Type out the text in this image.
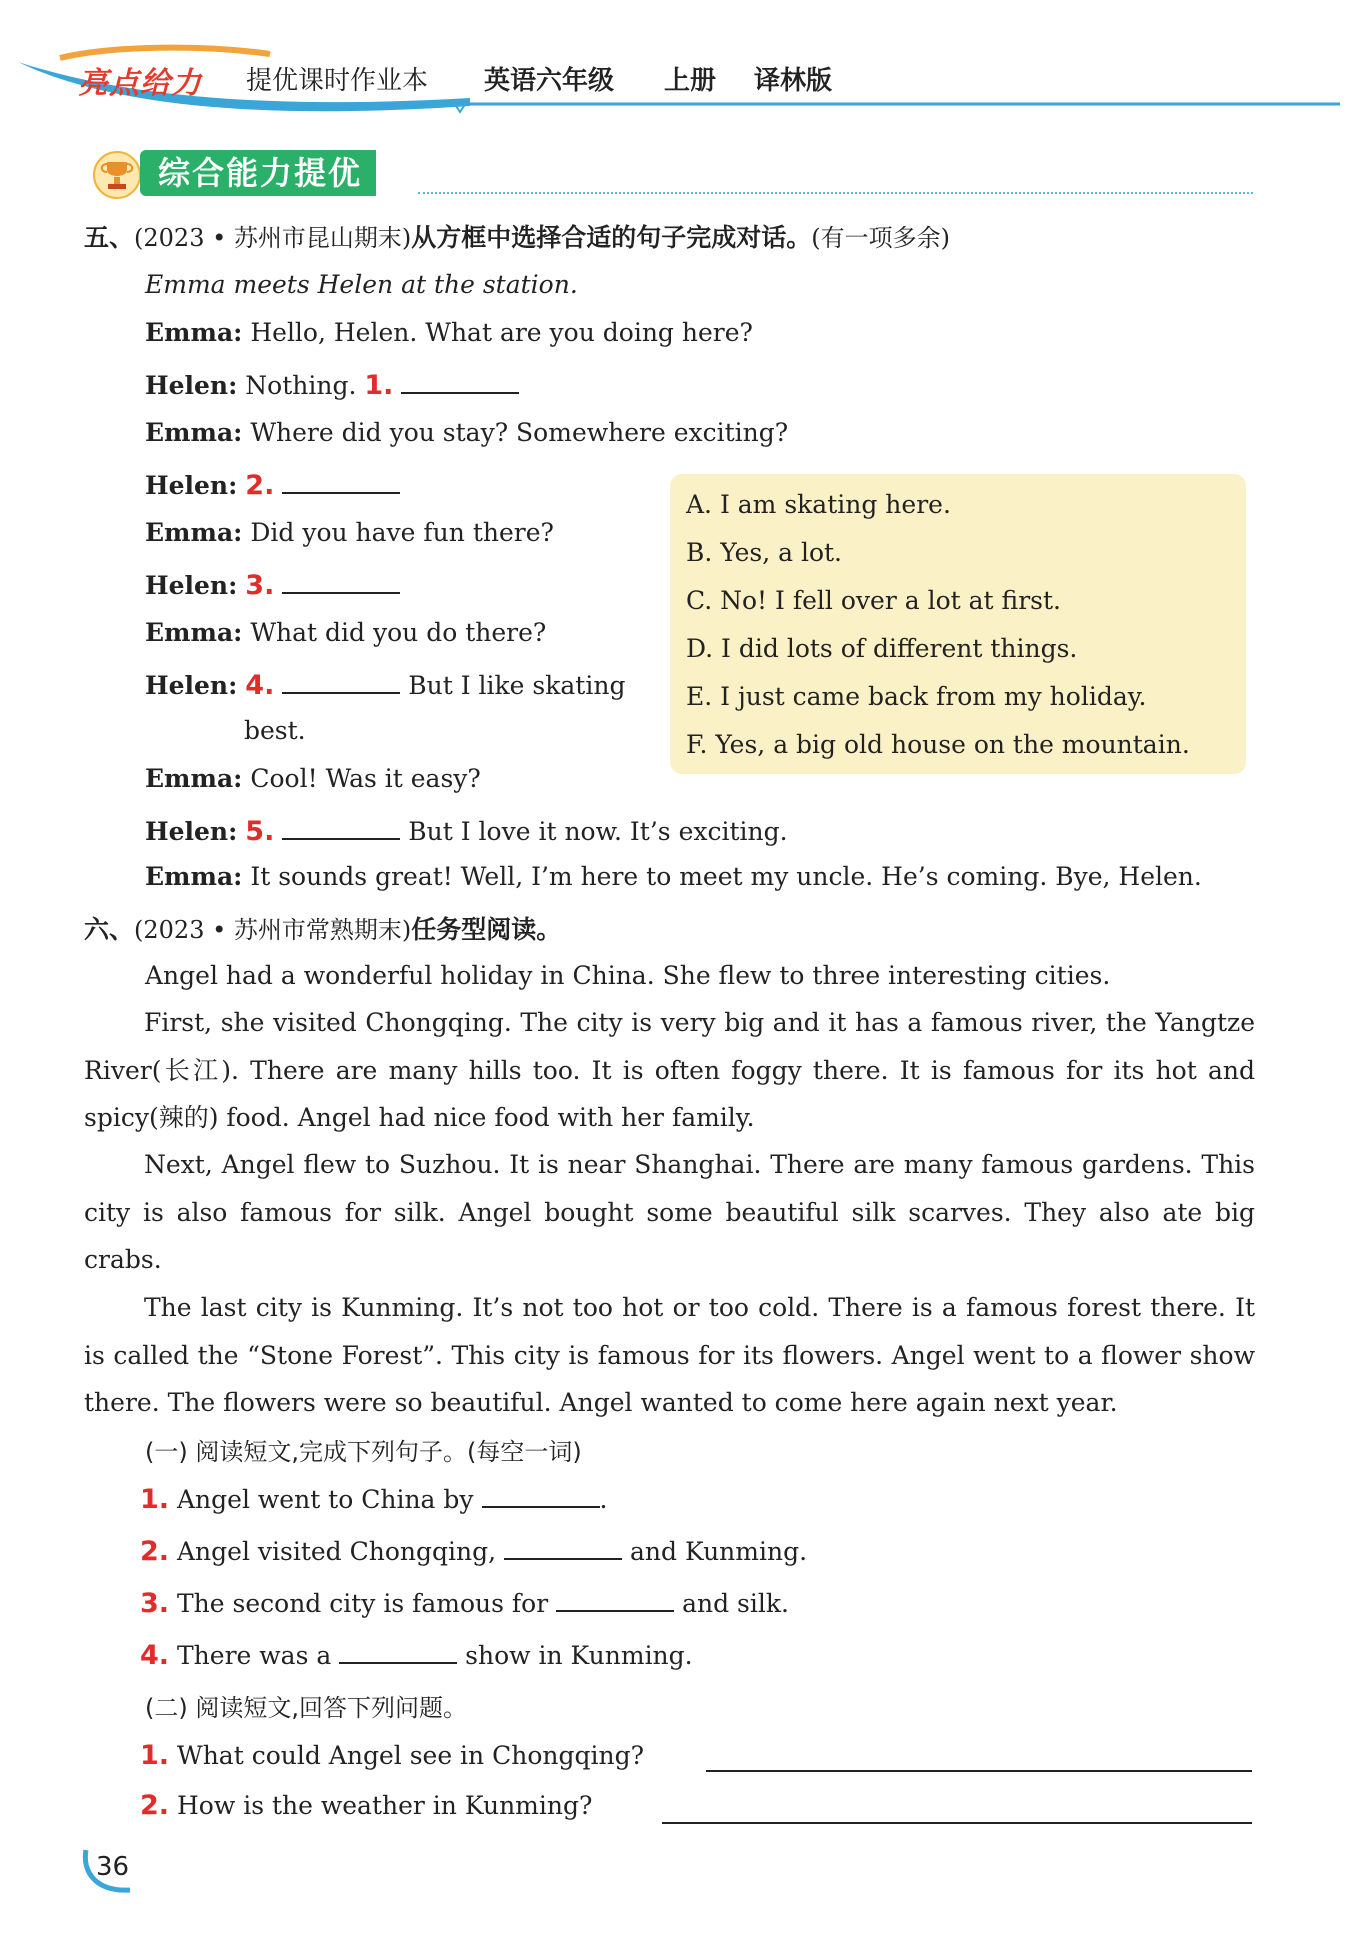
亮点给力 提优课时作业本 英语六年级 上册 译林版
综合能力提优
五、(2023 • 苏州市昆山期末)从方框中选择合适的句子完成对话。(有一项多余)
Emma meets Helen at the station.
Emma: Hello, Helen. What are you doing here?
Helen: Nothing. 1.
Emma: Where did you stay? Somewhere exciting?
Helen: 2.
Emma: Did you have fun there?
Helen: 3.
Emma: What did you do there?
Helen: 4.	But I like skating
best.
Emma: Cool! Was it easy?
Helen: 5.	But I love it now. It’s exciting.
Emma: It sounds great! Well, I’m here to meet my uncle. He’s coming. Bye, Helen.
A. I am skating here.
B. Yes, a lot.
C. No! I fell over a lot at first.
D. I did lots of different things.
E. I just came back from my holiday.
F. Yes, a big old house on the mountain.
六、(2023 • 苏州市常熟期末)任务型阅读。
Angel had a wonderful holiday in China. She flew to three interesting cities.
First, she visited Chongqing. The city is very big and it has a famous river, the Yangtze River(长江). There are many hills too. It is often foggy there. It is famous for its hot and spicy(辣的) food. Angel had nice food with her family.
Next, Angel flew to Suzhou. It is near Shanghai. There are many famous gardens. This city is also famous for silk. Angel bought some beautiful silk scarves. They also ate big crabs.
The last city is Kunming. It’s not too hot or too cold. There is a famous forest there. It is called the “Stone Forest”. This city is famous for its flowers. Angel went to a flower show there. The flowers were so beautiful. Angel wanted to come here again next year.
(一) 阅读短文,完成下列句子。(每空一词)
1. Angel went to China by	.
2. Angel visited Chongqing,	and Kunming.
3. The second city is famous for	and silk.
4. There was a	show in Kunming.
(二) 阅读短文,回答下列问题。
1. What could Angel see in Chongqing?
2. How is the weather in Kunming?
36
